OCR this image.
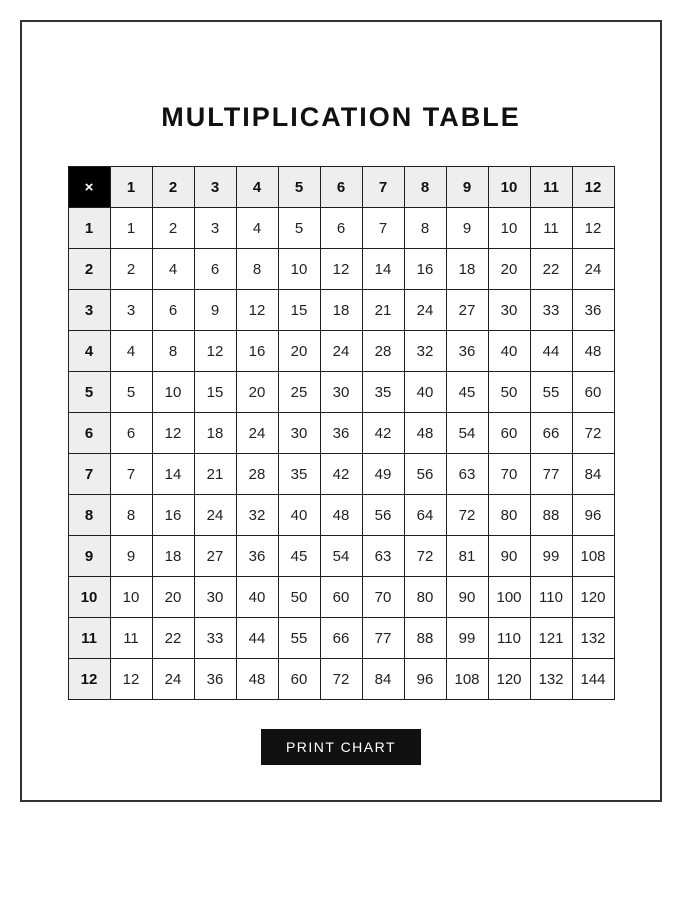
MULTIPLICATION TABLE
×	1	2	3	4	5	6	7	8	9	10	11	12
1	1	2	3	4	5	6	7	8	9	10	11	12
2	2	4	6	8	10	12	14	16	18	20	22	24
3	3	6	9	12	15	18	21	24	27	30	33	36
4	4	8	12	16	20	24	28	32	36	40	44	48
5	5	10	15	20	25	30	35	40	45	50	55	60
6	6	12	18	24	30	36	42	48	54	60	66	72
7	7	14	21	28	35	42	49	56	63	70	77	84
8	8	16	24	32	40	48	56	64	72	80	88	96
9	9	18	27	36	45	54	63	72	81	90	99	108
10	10	20	30	40	50	60	70	80	90	100	110	120
11	11	22	33	44	55	66	77	88	99	110	121	132
12	12	24	36	48	60	72	84	96	108	120	132	144
PRINT CHART
